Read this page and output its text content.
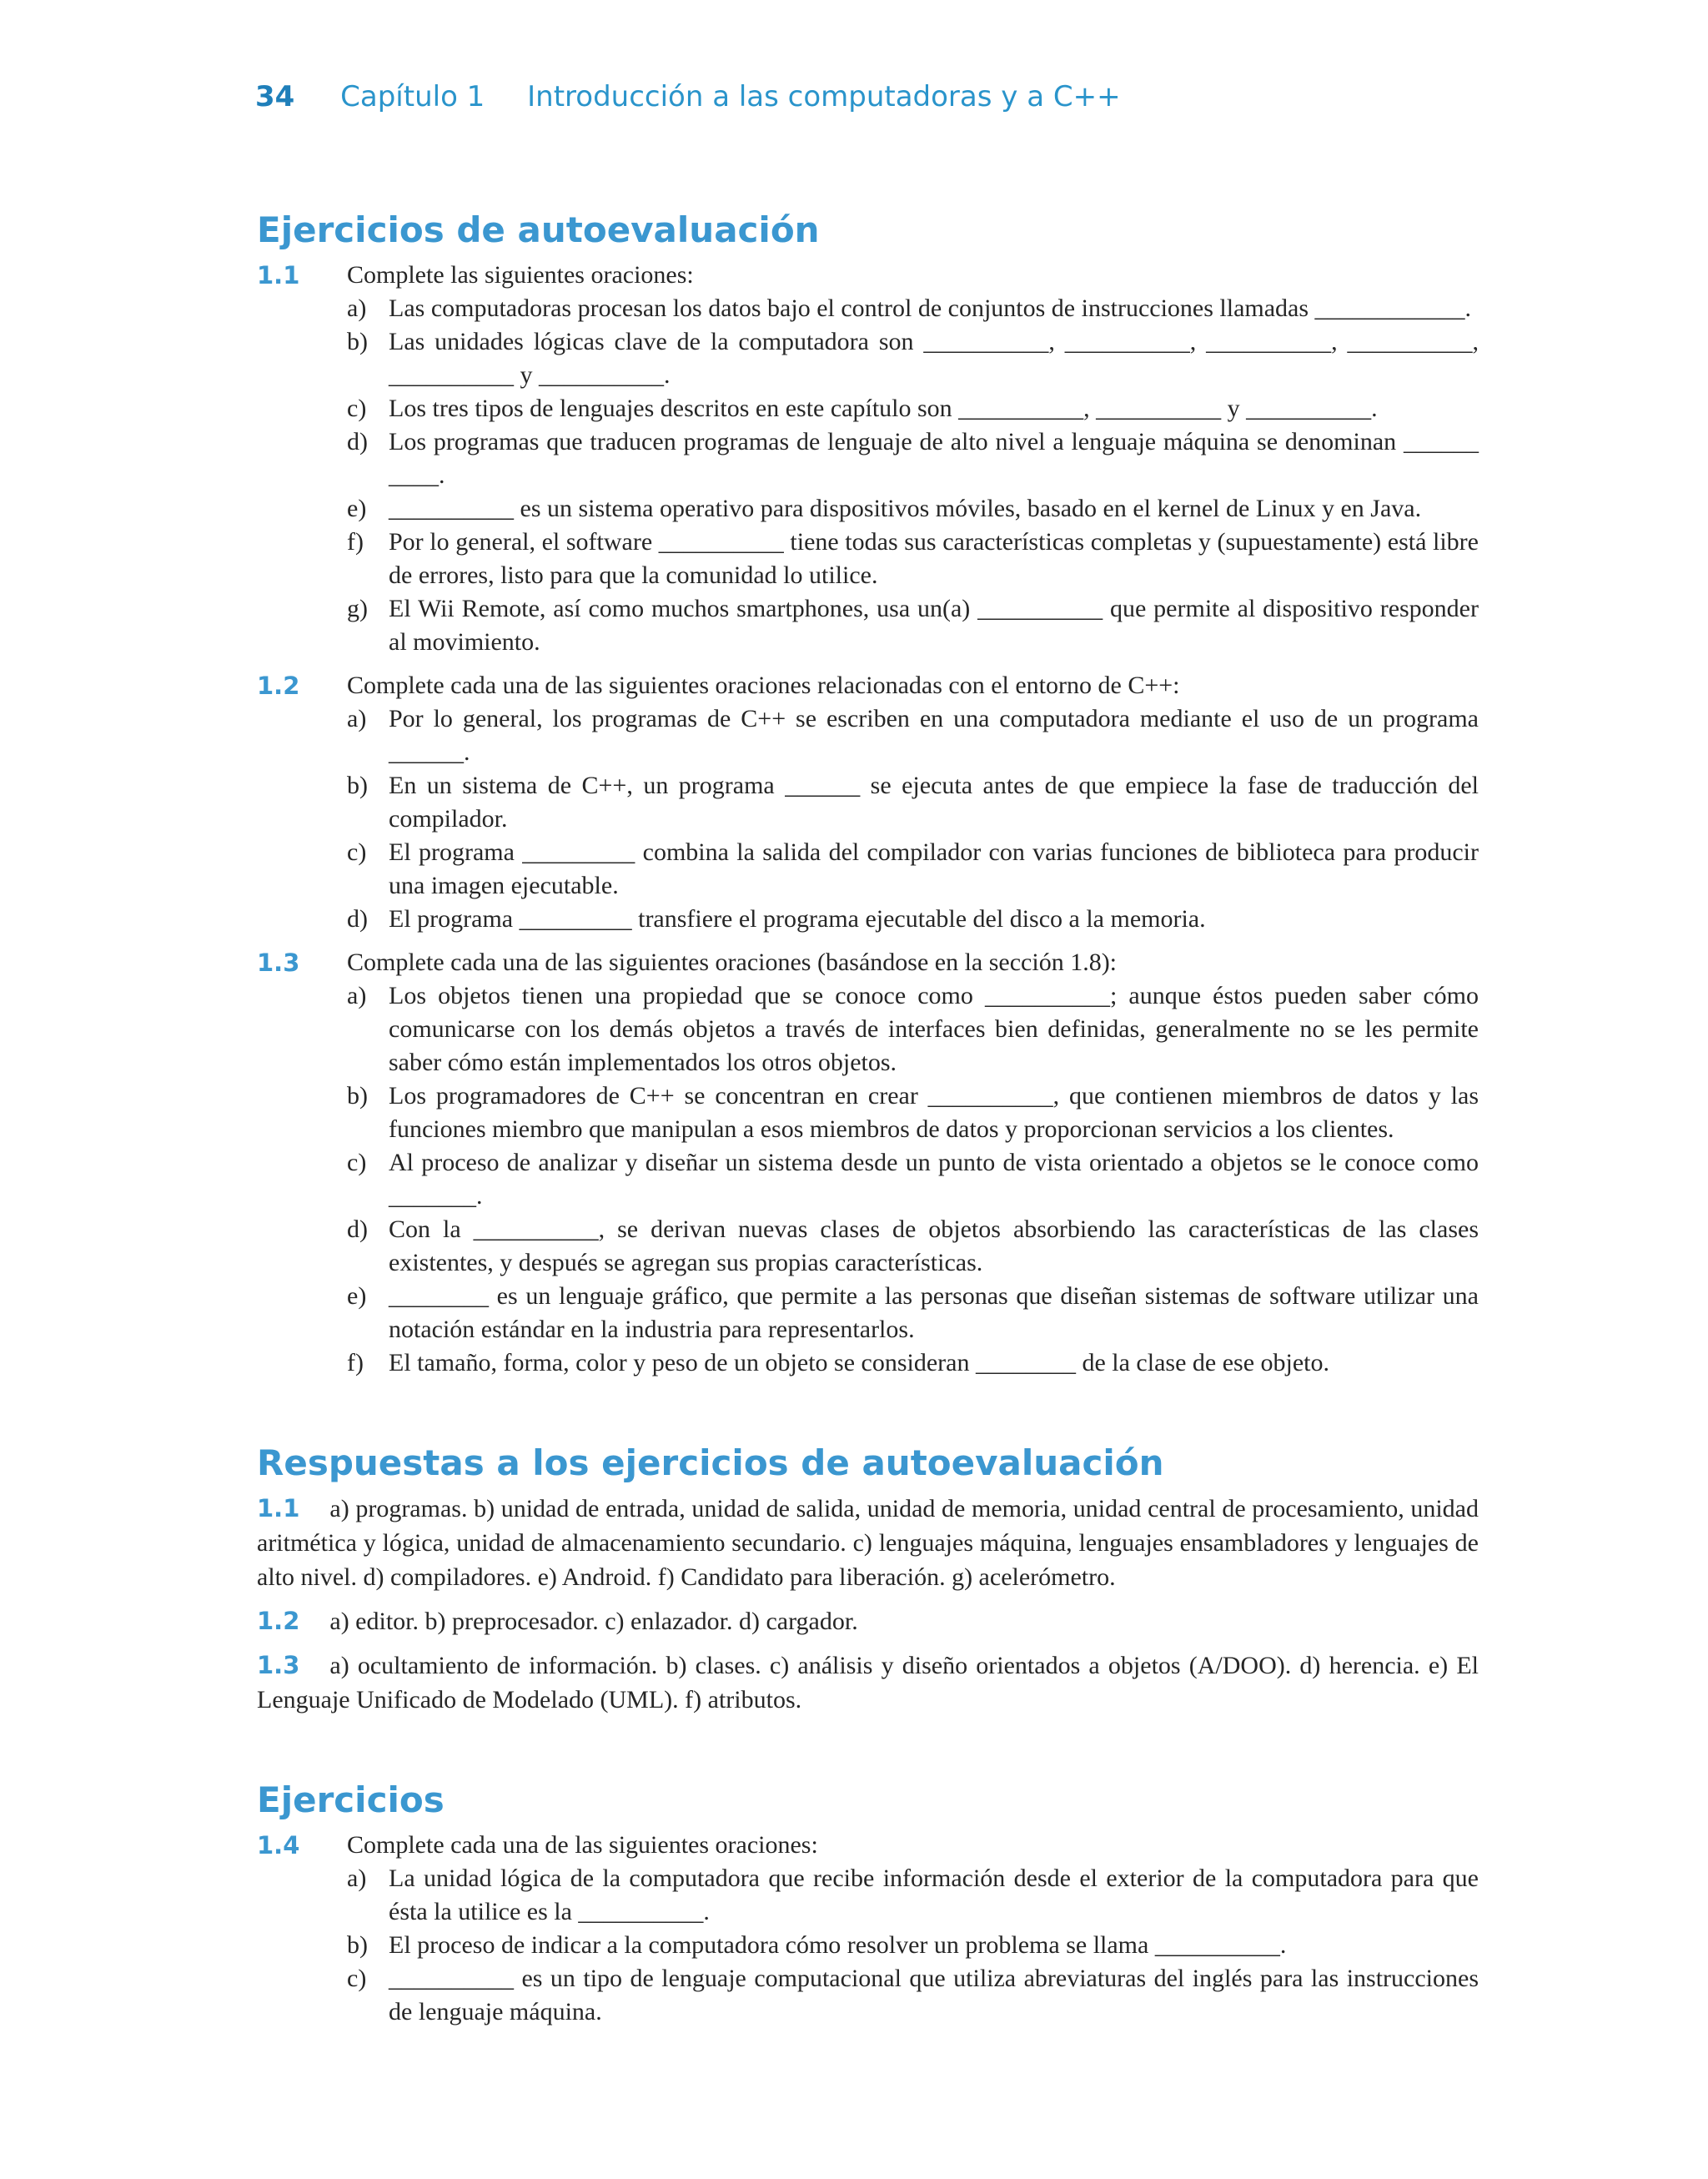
34 Capítulo 1 Introducción a las computadoras y a C++
Ejercicios de autoevaluación
1.1 Complete las siguientes oraciones:
a) Las computadoras procesan los datos bajo el control de conjuntos de instrucciones llamadas ____________.
b) Las unidades lógicas clave de la computadora son __________, __________, __________, __________, __________ y __________.
c) Los tres tipos de lenguajes descritos en este capítulo son __________, __________ y __________.
d) Los programas que traducen programas de lenguaje de alto nivel a lenguaje máquina se denominan ______ ____.
e) __________ es un sistema operativo para dispositivos móviles, basado en el kernel de Linux y en Java.
f) Por lo general, el software __________ tiene todas sus características completas y (supuestamente) está libre de errores, listo para que la comunidad lo utilice.
g) El Wii Remote, así como muchos smartphones, usa un(a) __________ que permite al dispositivo responder al movimiento.
1.2 Complete cada una de las siguientes oraciones relacionadas con el entorno de C++:
a) Por lo general, los programas de C++ se escriben en una computadora mediante el uso de un programa ______.
b) En un sistema de C++, un programa ______ se ejecuta antes de que empiece la fase de traducción del compilador.
c) El programa _________ combina la salida del compilador con varias funciones de biblioteca para producir una imagen ejecutable.
d) El programa _________ transfiere el programa ejecutable del disco a la memoria.
1.3 Complete cada una de las siguientes oraciones (basándose en la sección 1.8):
a) Los objetos tienen una propiedad que se conoce como __________; aunque éstos pueden saber cómo comunicarse con los demás objetos a través de interfaces bien definidas, generalmente no se les permite saber cómo están implementados los otros objetos.
b) Los programadores de C++ se concentran en crear __________, que contienen miembros de datos y las funciones miembro que manipulan a esos miembros de datos y proporcionan servicios a los clientes.
c) Al proceso de analizar y diseñar un sistema desde un punto de vista orientado a objetos se le conoce como _______.
d) Con la __________, se derivan nuevas clases de objetos absorbiendo las características de las clases existentes, y después se agregan sus propias características.
e) ________ es un lenguaje gráfico, que permite a las personas que diseñan sistemas de software utilizar una notación estándar en la industria para representarlos.
f) El tamaño, forma, color y peso de un objeto se consideran ________ de la clase de ese objeto.
Respuestas a los ejercicios de autoevaluación
1.1 a) programas. b) unidad de entrada, unidad de salida, unidad de memoria, unidad central de procesamiento, unidad aritmética y lógica, unidad de almacenamiento secundario. c) lenguajes máquina, lenguajes ensambladores y lenguajes de alto nivel. d) compiladores. e) Android. f) Candidato para liberación. g) acelerómetro.
1.2 a) editor. b) preprocesador. c) enlazador. d) cargador.
1.3 a) ocultamiento de información. b) clases. c) análisis y diseño orientados a objetos (A/DOO). d) herencia. e) El Lenguaje Unificado de Modelado (UML). f) atributos.
Ejercicios
1.4 Complete cada una de las siguientes oraciones:
a) La unidad lógica de la computadora que recibe información desde el exterior de la computadora para que ésta la utilice es la __________.
b) El proceso de indicar a la computadora cómo resolver un problema se llama __________.
c) __________ es un tipo de lenguaje computacional que utiliza abreviaturas del inglés para las instrucciones de lenguaje máquina.
